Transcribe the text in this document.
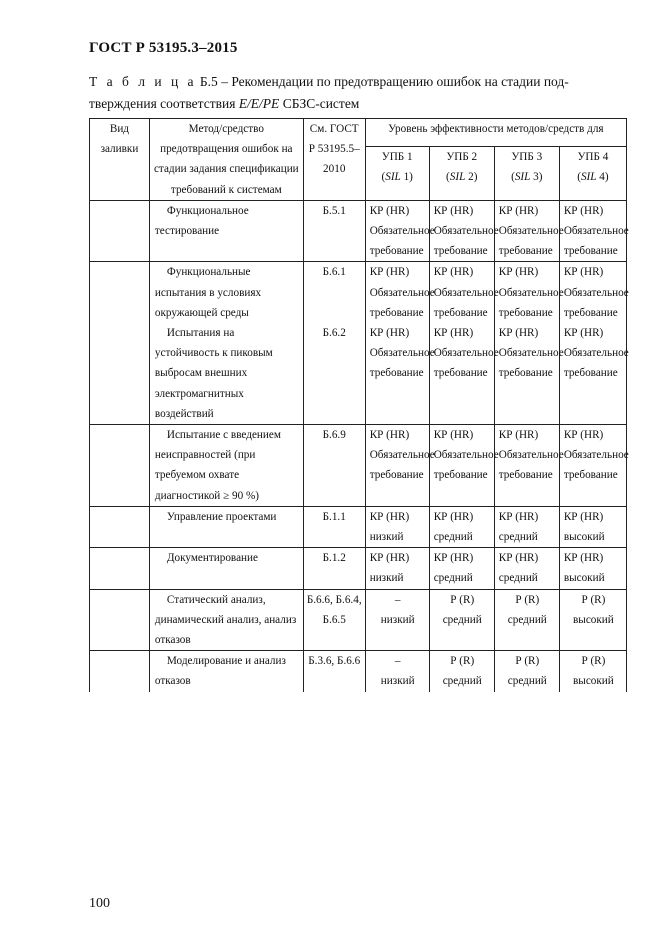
ГОСТ Р 53195.3–2015
Т а б л и ц а Б.5 – Рекомендации по предотвращению ошибок на стадии под-
тверждения соответствия Е/Е/РЕ СБЗС-систем
Вид заливки	Метод/средство предотвращения ошибок на стадии задания спецификации требований к системам	См. ГОСТ Р 53195.5–2010	Уровень эффективности методов/средств для			
			УПБ 1
(SIL 1)	УПБ 2
(SIL 2)	УПБ 3
(SIL 3)	УПБ 4
(SIL 4)

	Функциональное тестирование	Б.5.1	КР (HR)
Обязательное требование	КР (HR)
Обязательное требование	КР (HR)
Обязательное требование	КР (HR)
Обязательное требование

	Функциональные испытания в условиях окружающей среды	Б.6.1	КР (HR)
Обязательное требование	КР (HR)
Обязательное требование	КР (HR)
Обязательное требование	КР (HR)
Обязательное требование

	Испытания на устойчивость к пиковым выбросам внешних электромагнитных воздействий	Б.6.2	КР (HR)
Обязательное требование	КР (HR)
Обязательное требование	КР (HR)
Обязательное требование	КР (HR)
Обязательное требование

	Испытание с введением неисправностей (при требуемом охвате диагностикой ≥ 90 %)	Б.6.9	КР (HR)
Обязательное требование	КР (HR)
Обязательное требование	КР (HR)
Обязательное требование	КР (HR)
Обязательное требование

	Управление проектами	Б.1.1	КР (HR)
низкий	КР (HR)
средний	КР (HR)
средний	КР (HR)
высокий

	Документирование	Б.1.2	КР (HR)
низкий	КР (HR)
средний	КР (HR)
средний	КР (HR)
высокий

	Статический анализ, динамический анализ, анализ отказов	Б.6.6, Б.6.4, Б.6.5	–
низкий	Р (R)
средний	Р (R)
средний	Р (R)
высокий

	Моделирование и анализ отказов	Б.3.6, Б.6.6	–
низкий	Р (R)
средний	Р (R)
средний	Р (R)
высокий
100
